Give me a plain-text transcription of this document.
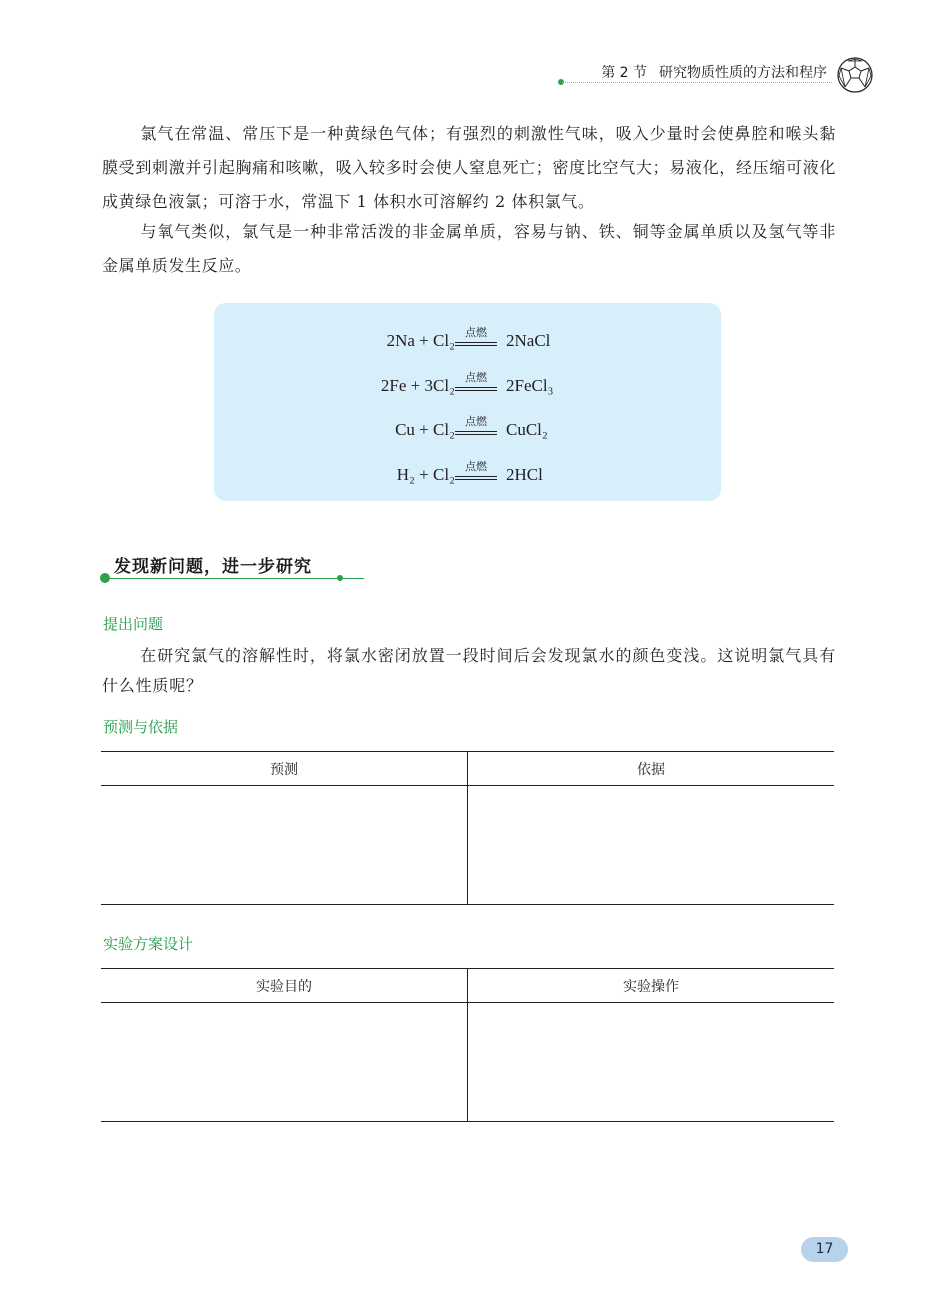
第 2 节 研究物质性质的方法和程序
氯气在常温、常压下是一种黄绿色气体；有强烈的刺激性气味，吸入少量时会使鼻腔和喉头黏膜受到刺激并引起胸痛和咳嗽，吸入较多时会使人窒息死亡；密度比空气大；易液化，经压缩可液化成黄绿色液氯；可溶于水，常温下 1 体积水可溶解约 2 体积氯气。
与氧气类似，氯气是一种非常活泼的非金属单质，容易与钠、铁、铜等金属单质以及氢气等非金属单质发生反应。
2Na + Cl₂ 点燃	2NaCl
2Fe + 3Cl₂ 点燃	2FeCl₃
Cu + Cl₂ 点燃	CuCl₂
H₂ + Cl₂ 点燃	2HCl
发现新问题，进一步研究
提出问题
在研究氯气的溶解性时，将氯水密闭放置一段时间后会发现氯水的颜色变浅。这说明氯气具有什么性质呢？
预测与依据
预测	依据

实验方案设计
实验目的	实验操作

17
